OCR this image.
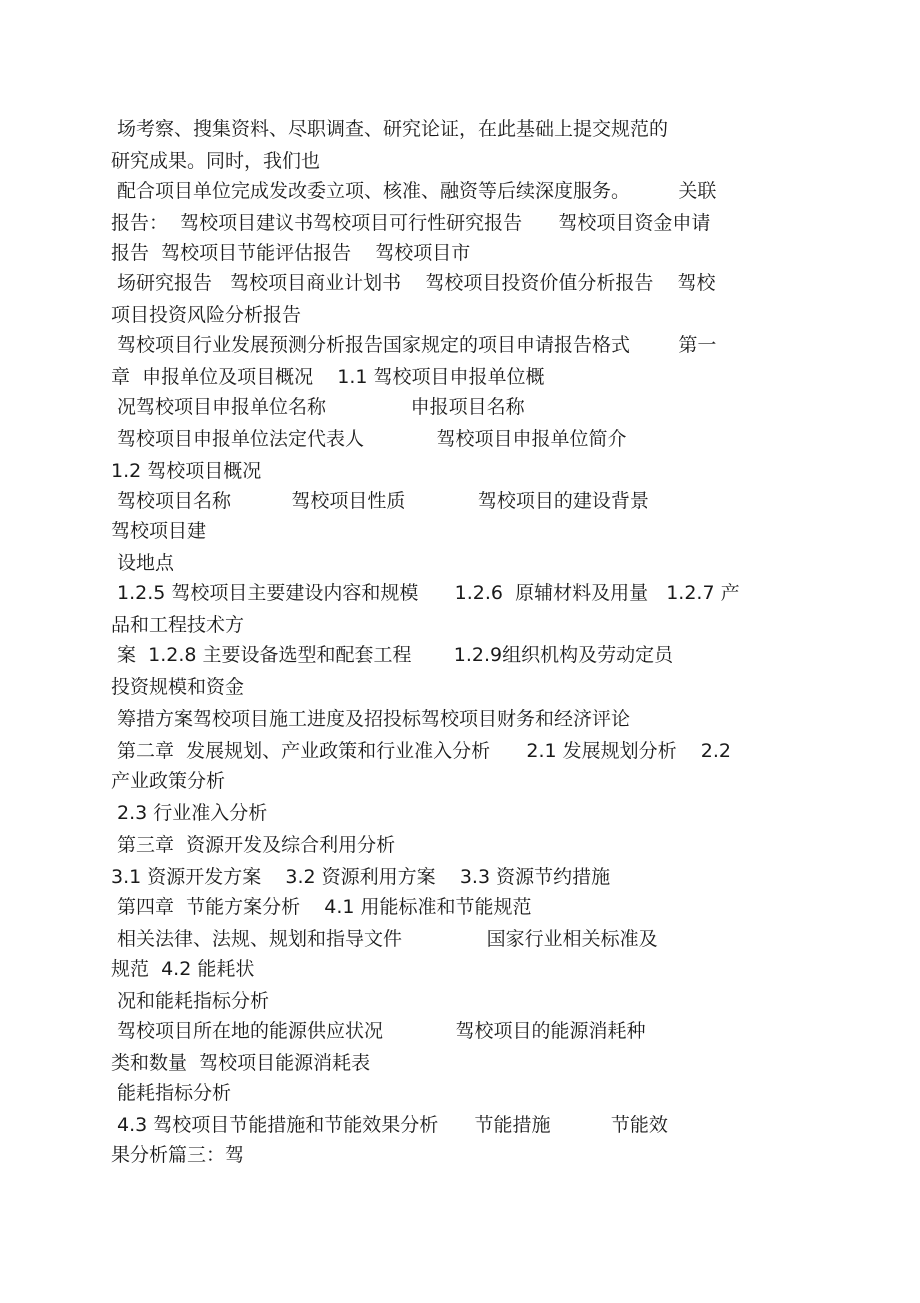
场考察、搜集资料、尽职调查、研究论证，在此基础上提交规范的

研究成果。同时，我们也

配合项目单位完成发改委立项、核准、融资等后续深度服务。        关联

报告：  驾校项目建议书驾校项目可行性研究报告      驾校项目资金申请

报告  驾校项目节能评估报告    驾校项目市

场研究报告   驾校项目商业计划书    驾校项目投资价值分析报告    驾校

项目投资风险分析报告

驾校项目行业发展预测分析报告国家规定的项目申请报告格式        第一

章  申报单位及项目概况    1.1 驾校项目申报单位概

况驾校项目申报单位名称              申报项目名称

驾校项目申报单位法定代表人            驾校项目申报单位简介

1.2 驾校项目概况

驾校项目名称          驾校项目性质            驾校项目的建设背景

驾校项目建

设地点

1.2.5 驾校项目主要建设内容和规模      1.2.6  原辅材料及用量   1.2.7 产

品和工程技术方

案  1.2.8 主要设备选型和配套工程       1.2.9组织机构及劳动定员

投资规模和资金

筹措方案驾校项目施工进度及招投标驾校项目财务和经济评论

第二章  发展规划、产业政策和行业准入分析      2.1 发展规划分析    2.2

产业政策分析

2.3 行业准入分析

第三章  资源开发及综合利用分析

3.1 资源开发方案    3.2 资源利用方案    3.3 资源节约措施

第四章  节能方案分析    4.1 用能标准和节能规范

相关法律、法规、规划和指导文件              国家行业相关标准及

规范  4.2 能耗状

况和能耗指标分析

驾校项目所在地的能源供应状况            驾校项目的能源消耗种

类和数量  驾校项目能源消耗表

能耗指标分析

4.3 驾校项目节能措施和节能效果分析      节能措施          节能效

果分析篇三：驾
